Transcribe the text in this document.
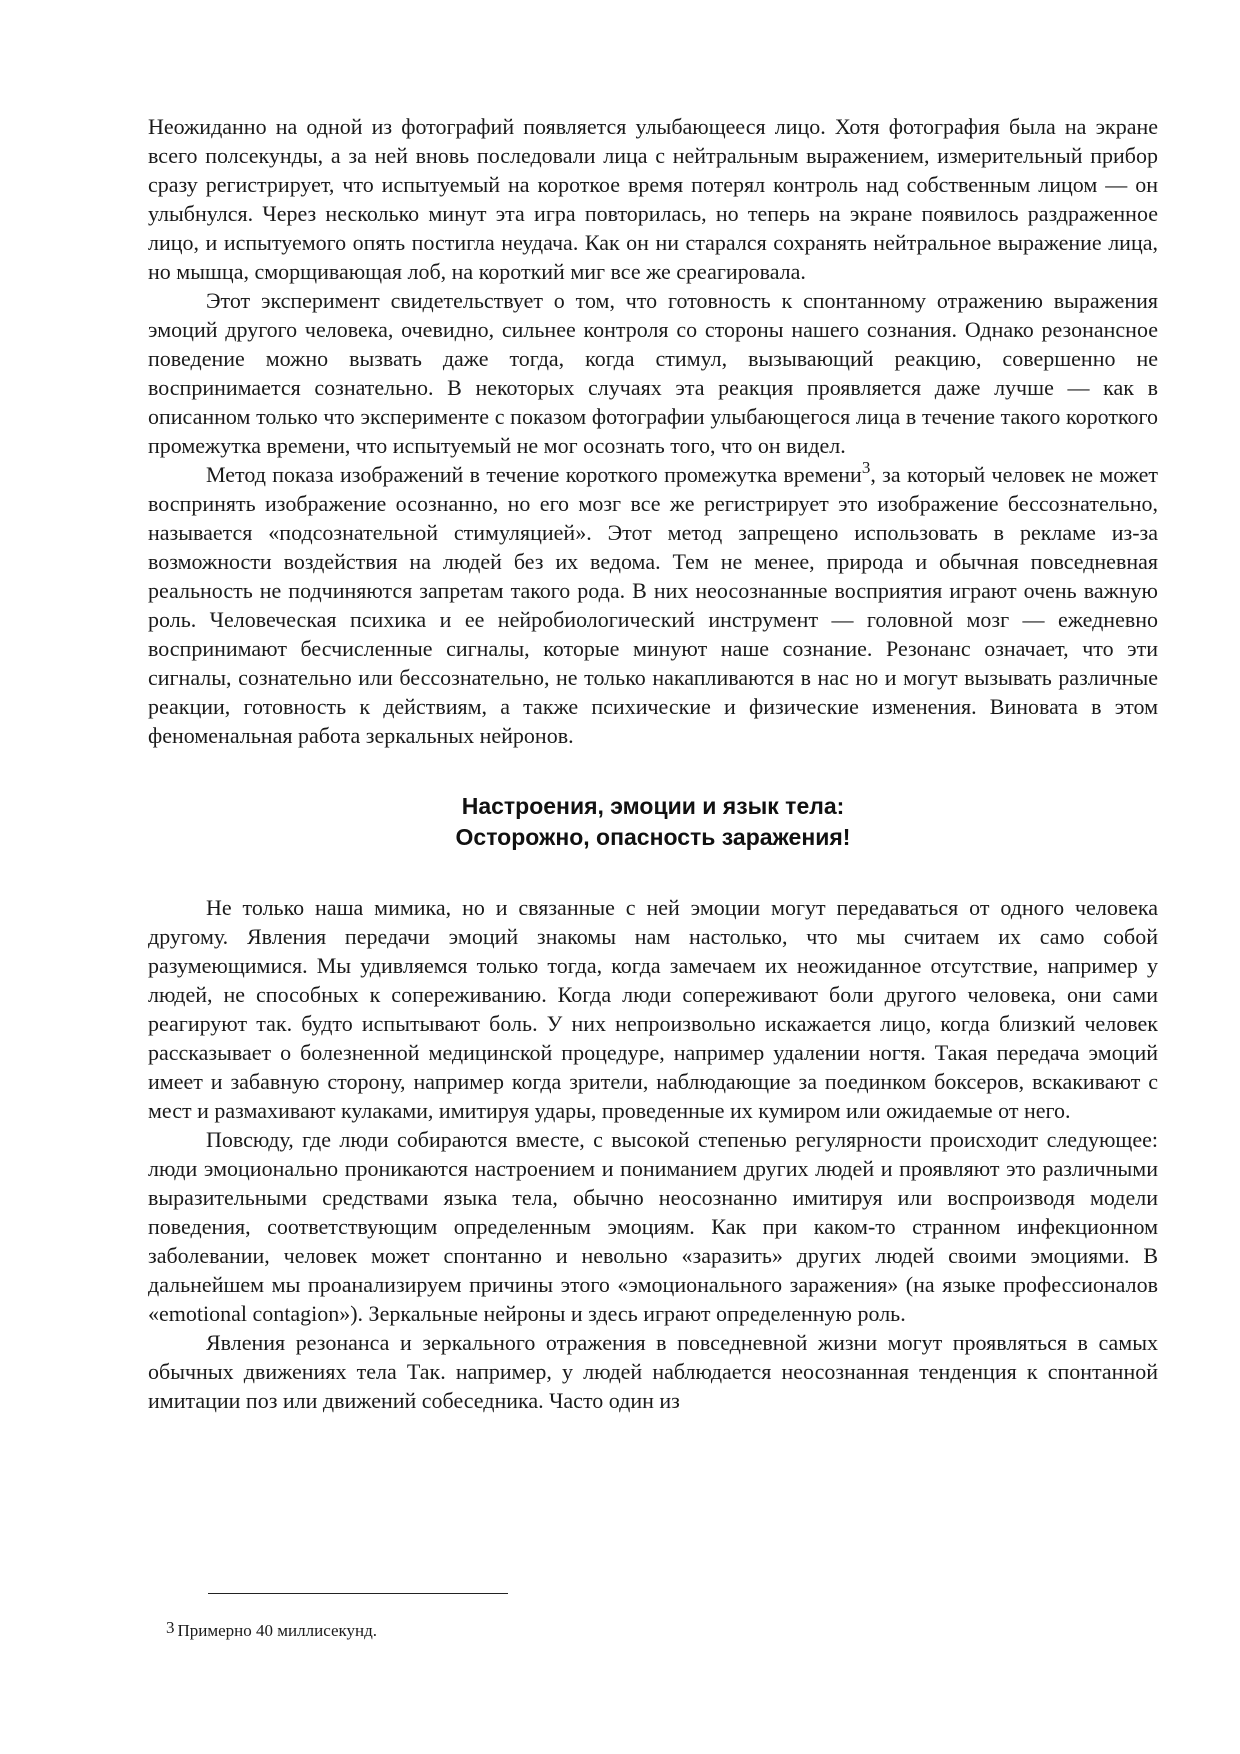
Неожиданно на одной из фотографий появляется улыбающееся лицо. Хотя фотография была на экране всего полсекунды, а за ней вновь последовали лица с нейтральным выражением, измерительный прибор сразу регистрирует, что испытуемый на короткое время потерял контроль над собственным лицом — он улыбнулся. Через несколько минут эта игра повторилась, но теперь на экране появилось раздраженное лицо, и испытуемого опять постигла неудача. Как он ни старался сохранять нейтральное выражение лица, но мышца, сморщивающая лоб, на короткий миг все же среагировала.

Этот эксперимент свидетельствует о том, что готовность к спонтанному отражению выражения эмоций другого человека, очевидно, сильнее контроля со стороны нашего сознания. Однако резонансное поведение можно вызвать даже тогда, когда стимул, вызывающий реакцию, совершенно не воспринимается сознательно. В некоторых случаях эта реакция проявляется даже лучше — как в описанном только что эксперименте с показом фотографии улыбающегося лица в течение такого короткого промежутка времени, что испытуемый не мог осознать того, что он видел.

Метод показа изображений в течение короткого промежутка времени$^3$, за который человек не может воспринять изображение осознанно, но его мозг все же регистрирует это изображение бессознательно, называется «подсознательной стимуляцией». Этот метод запрещено использовать в рекламе из-за возможности воздействия на людей без их ведома. Тем не менее, природа и обычная повседневная реальность не подчиняются запретам такого рода. В них неосознанные восприятия играют очень важную роль. Человеческая психика и ее нейробиологический инструмент — головной мозг — ежедневно воспринимают бесчисленные сигналы, которые минуют наше сознание. Резонанс означает, что эти сигналы, сознательно или бессознательно, не только накапливаются в нас но и могут вызывать различные реакции, готовность к действиям, а также психические и физические изменения. Виновата в этом феноменальная работа зеркальных нейронов.

Настроения, эмоции и язык тела:
Осторожно, опасность заражения!

Не только наша мимика, но и связанные с ней эмоции могут передаваться от одного человека другому. Явления передачи эмоций знакомы нам настолько, что мы считаем их само собой разумеющимися. Мы удивляемся только тогда, когда замечаем их неожиданное отсутствие, например у людей, не способных к сопереживанию. Когда люди сопереживают боли другого человека, они сами реагируют так. будто испытывают боль. У них непроизвольно искажается лицо, когда близкий человек рассказывает о болезненной медицинской процедуре, например удалении ногтя. Такая передача эмоций имеет и забавную сторону, например когда зрители, наблюдающие за поединком боксеров, вскакивают с мест и размахивают кулаками, имитируя удары, проведенные их кумиром или ожидаемые от него.

Повсюду, где люди собираются вместе, с высокой степенью регулярности происходит следующее: люди эмоционально проникаются настроением и пониманием других людей и проявляют это различными выразительными средствами языка тела, обычно неосознанно имитируя или воспроизводя модели поведения, соответствующим определенным эмоциям. Как при каком-то странном инфекционном заболевании, человек может спонтанно и невольно «заразить» других людей своими эмоциями. В дальнейшем мы проанализируем причины этого «эмоционального заражения» (на языке профессионалов «emotional contagion»). Зеркальные нейроны и здесь играют определенную роль.

Явления резонанса и зеркального отражения в повседневной жизни могут проявляться в самых обычных движениях тела Так. например, у людей наблюдается неосознанная тенденция к спонтанной имитации поз или движений собеседника. Часто один из

3 Примерно 40 миллисекунд.
